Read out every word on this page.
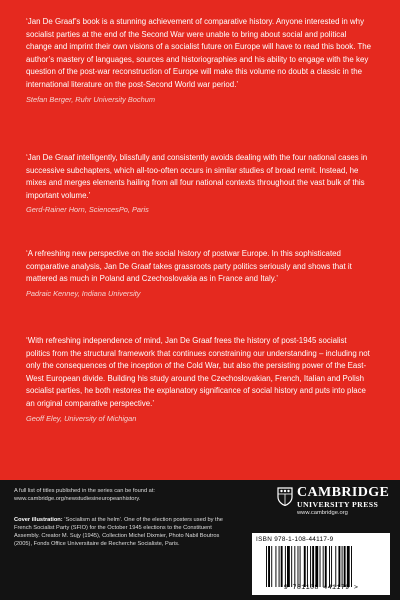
‘Jan De Graaf’s book is a stunning achievement of comparative history. Anyone interested in why socialist parties at the end of the Second War were unable to bring about social and political change and imprint their own visions of a socialist future on Europe will have to read this book. The author’s mastery of languages, sources and historiographies and his ability to engage with the key question of the post-war reconstruction of Europe will make this volume no doubt a classic in the international literature on the post-Second World war period.’

Stefan Berger, Ruhr University Bochum

‘Jan De Graaf intelligently, blissfully and consistently avoids dealing with the four national cases in successive subchapters, which all-too-often occurs in similar studies of broad remit. Instead, he mixes and merges elements hailing from all four national contexts throughout the vast bulk of this important volume.’

Gerd-Rainer Horn, SciencesPo, Paris

‘A refreshing new perspective on the social history of postwar Europe. In this sophisticated comparative analysis, Jan De Graaf takes grassroots party politics seriously and shows that it mattered as much in Poland and Czechoslovakia as in France and Italy.’

Padraic Kenney, Indiana University

‘With refreshing independence of mind, Jan De Graaf frees the history of post-1945 socialist politics from the structural framework that continues constraining our understanding – including not only the consequences of the inception of the Cold War, but also the persisting power of the East-West European divide. Building his study around the Czechoslovakian, French, Italian and Polish socialist parties, he both restores the explanatory significance of social history and puts into place an original comparative perspective.’

Geoff Eley, University of Michigan

A full list of titles published in the series can be found at: www.cambridge.org/newstudiesineuropeanhistory.
Cover illustration: ‘Socialism at the helm’. One of the election posters used by the French Socialist Party (SFIO) for the October 1945 elections to the Constituent Assembly. Creator M. Sujy (1945), Collection Michel Dixmier, Photo Nabil Boutros (2005), Fonds Office Universitaire de Recherche Socialiste, Paris.
CAMBRIDGE
UNIVERSITY PRESS
www.cambridge.org
ISBN 978-1-108-44117-9
9 781108 441179 >
